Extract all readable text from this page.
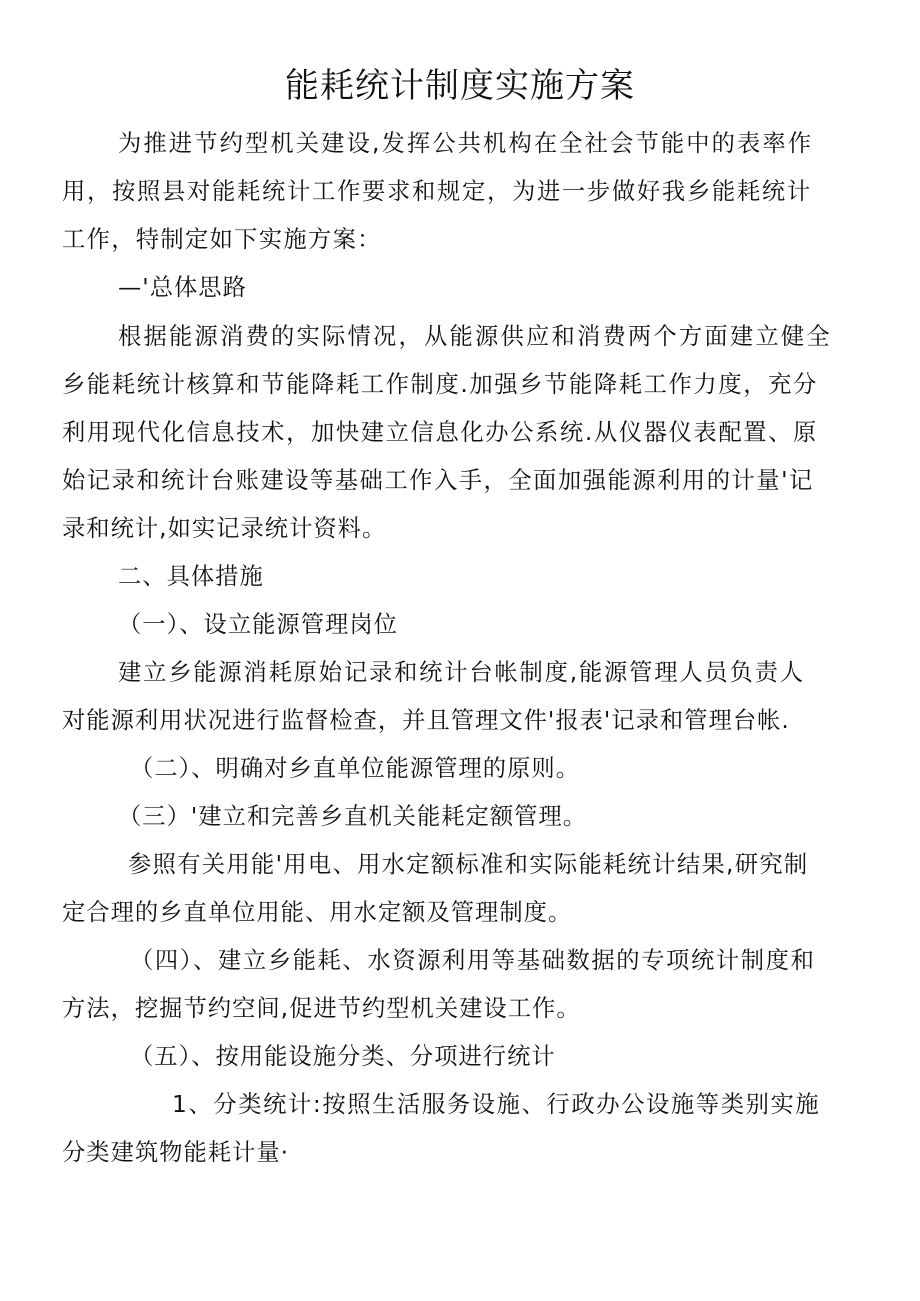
能耗统计制度实施方案
为推进节约型机关建设,发挥公共机构在全社会节能中的表率作
用，按照县对能耗统计工作要求和规定，为进一步做好我乡能耗统计
工作，特制定如下实施方案：
—'总体思路
根据能源消费的实际情况，从能源供应和消费两个方面建立健全
乡能耗统计核算和节能降耗工作制度.加强乡节能降耗工作力度，充分
利用现代化信息技术，加快建立信息化办公系统.从仪器仪表配置、原
始记录和统计台账建设等基础工作入手，全面加强能源利用的计量'记
录和统计,如实记录统计资料。
二、具体措施
（一）、设立能源管理岗位
建立乡能源消耗原始记录和统计台帐制度,能源管理人员负责人
对能源利用状况进行监督检查，并且管理文件'报表'记录和管理台帐.
（二）、明确对乡直单位能源管理的原则。
（三）'建立和完善乡直机关能耗定额管理。
参照有关用能'用电、用水定额标准和实际能耗统计结果,研究制
定合理的乡直单位用能、用水定额及管理制度。
（四）、建立乡能耗、水资源利用等基础数据的专项统计制度和
方法，挖掘节约空间,促进节约型机关建设工作。
（五）、按用能设施分类、分项进行统计
1、分类统计:按照生活服务设施、行政办公设施等类别实施
分类建筑物能耗计量·
